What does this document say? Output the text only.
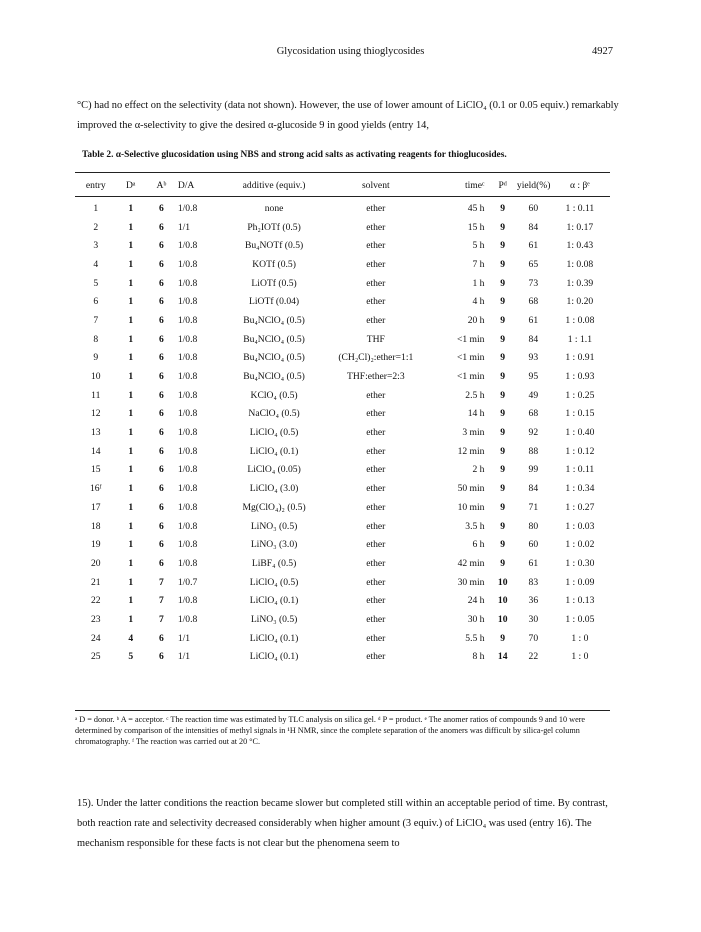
Glycosidation using thioglycosides	4927
°C) had no effect on the selectivity (data not shown). However, the use of lower amount of LiClO₄ (0.1 or 0.05 equiv.) remarkably improved the α-selectivity to give the desired α-glucoside 9 in good yields (entry 14,
Table 2. α-Selective glucosidation using NBS and strong acid salts as activating reagents for thioglucosides.
entry	Dᵃ	Aᵇ	D/A	additive (equiv.)	solvent	timeᶜ	Pᵈ	yield(%)	α : βᵉ
1	1	6	1/0.8	none	ether	45 h	9	60	1 : 0.11
2	1	6	1/1	Ph₂IOTf (0.5)	ether	15 h	9	84	1: 0.17
3	1	6	1/0.8	Bu₄NOTf (0.5)	ether	5 h	9	61	1: 0.43
4	1	6	1/0.8	KOTf (0.5)	ether	7 h	9	65	1: 0.08
5	1	6	1/0.8	LiOTf (0.5)	ether	1 h	9	73	1: 0.39
6	1	6	1/0.8	LiOTf (0.04)	ether	4 h	9	68	1: 0.20
7	1	6	1/0.8	Bu₄NClO₄ (0.5)	ether	20 h	9	61	1 : 0.08
8	1	6	1/0.8	Bu₄NClO₄ (0.5)	THF	<1 min	9	84	1 : 1.1
9	1	6	1/0.8	Bu₄NClO₄ (0.5)	(CH₂Cl)₂:ether=1:1	<1 min	9	93	1 : 0.91
10	1	6	1/0.8	Bu₄NClO₄ (0.5)	THF:ether=2:3	<1 min	9	95	1 : 0.93
11	1	6	1/0.8	KClO₄ (0.5)	ether	2.5 h	9	49	1 : 0.25
12	1	6	1/0.8	NaClO₄ (0.5)	ether	14 h	9	68	1 : 0.15
13	1	6	1/0.8	LiClO₄ (0.5)	ether	3 min	9	92	1 : 0.40
14	1	6	1/0.8	LiClO₄ (0.1)	ether	12 min	9	88	1 : 0.12
15	1	6	1/0.8	LiClO₄ (0.05)	ether	2 h	9	99	1 : 0.11
16ᶠ	1	6	1/0.8	LiClO₄ (3.0)	ether	50 min	9	84	1 : 0.34
17	1	6	1/0.8	Mg(ClO₄)₂ (0.5)	ether	10 min	9	71	1 : 0.27
18	1	6	1/0.8	LiNO₃ (0.5)	ether	3.5 h	9	80	1 : 0.03
19	1	6	1/0.8	LiNO₃ (3.0)	ether	6 h	9	60	1 : 0.02
20	1	6	1/0.8	LiBF₄ (0.5)	ether	42 min	9	61	1 : 0.30
21	1	7	1/0.7	LiClO₄ (0.5)	ether	30 min	10	83	1 : 0.09
22	1	7	1/0.8	LiClO₄ (0.1)	ether	24 h	10	36	1 : 0.13
23	1	7	1/0.8	LiNO₃ (0.5)	ether	30 h	10	30	1 : 0.05
24	4	6	1/1	LiClO₄ (0.1)	ether	5.5 h	9	70	1 : 0
25	5	6	1/1	LiClO₄ (0.1)	ether	8 h	14	22	1 : 0
ᵃ D = donor. ᵇ A = acceptor. ᶜ The reaction time was estimated by TLC analysis on silica gel. ᵈ P = product. ᵉ The anomer ratios of compounds 9 and 10 were determined by comparison of the intensities of methyl signals in ¹H NMR, since the complete separation of the anomers was difficult by silica-gel column chromatography. ᶠ The reaction was carried out at 20 °C.
15). Under the latter conditions the reaction became slower but completed still within an acceptable period of time. By contrast, both reaction rate and selectivity decreased considerably when higher amount (3 equiv.) of LiClO₄ was used (entry 16). The mechanism responsible for these facts is not clear but the phenomena seem to
